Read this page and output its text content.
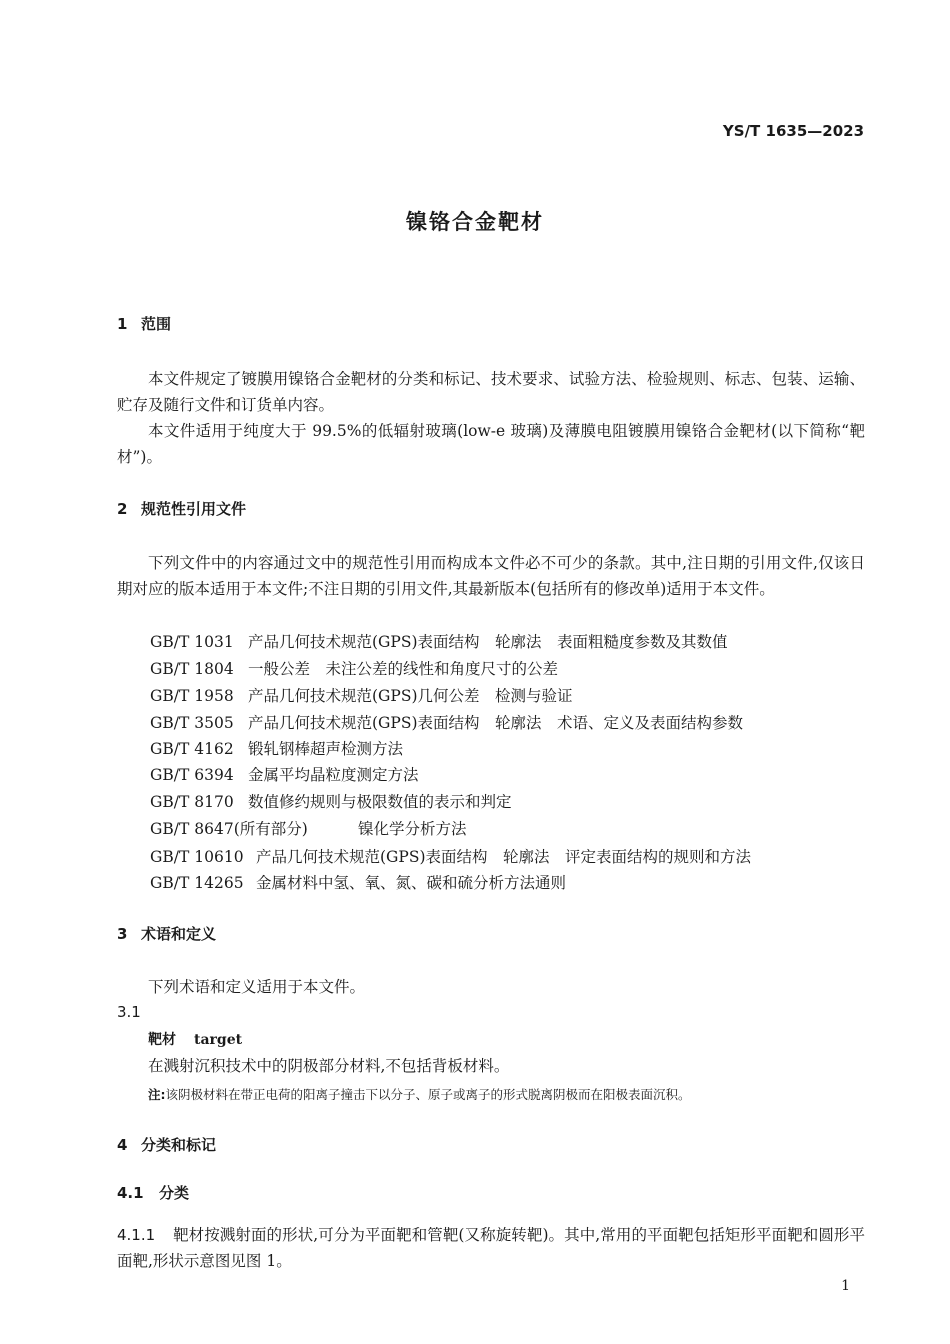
YS/T 1635—2023
镍铬合金靶材
1 范围
本文件规定了镀膜用镍铬合金靶材的分类和标记、技术要求、试验方法、检验规则、标志、包装、运输、贮存及随行文件和订货单内容。
本文件适用于纯度大于 99.5%的低辐射玻璃(low-e 玻璃)及薄膜电阻镀膜用镍铬合金靶材(以下简称“靶材”)。
2 规范性引用文件
下列文件中的内容通过文中的规范性引用而构成本文件必不可少的条款。其中,注日期的引用文件,仅该日期对应的版本适用于本文件;不注日期的引用文件,其最新版本(包括所有的修改单)适用于本文件。
GB/T 1031 产品几何技术规范(GPS)表面结构　轮廓法　表面粗糙度参数及其数值
GB/T 1804 一般公差　未注公差的线性和角度尺寸的公差
GB/T 1958 产品几何技术规范(GPS)几何公差　检测与验证
GB/T 3505 产品几何技术规范(GPS)表面结构　轮廓法　术语、定义及表面结构参数
GB/T 4162 锻轧钢棒超声检测方法
GB/T 6394 金属平均晶粒度测定方法
GB/T 8170 数值修约规则与极限数值的表示和判定
GB/T 8647(所有部分)	镍化学分析方法
GB/T 10610 产品几何技术规范(GPS)表面结构　轮廓法　评定表面结构的规则和方法
GB/T 14265 金属材料中氢、氧、氮、碳和硫分析方法通则
3 术语和定义
下列术语和定义适用于本文件。
3.1
靶材 target
在溅射沉积技术中的阴极部分材料,不包括背板材料。
注:该阴极材料在带正电荷的阳离子撞击下以分子、原子或离子的形式脱离阴极而在阳极表面沉积。
4 分类和标记
4.1 分类
4.1.1 靶材按溅射面的形状,可分为平面靶和管靶(又称旋转靶)。其中,常用的平面靶包括矩形平面靶和圆形平面靶,形状示意图见图 1。
1
